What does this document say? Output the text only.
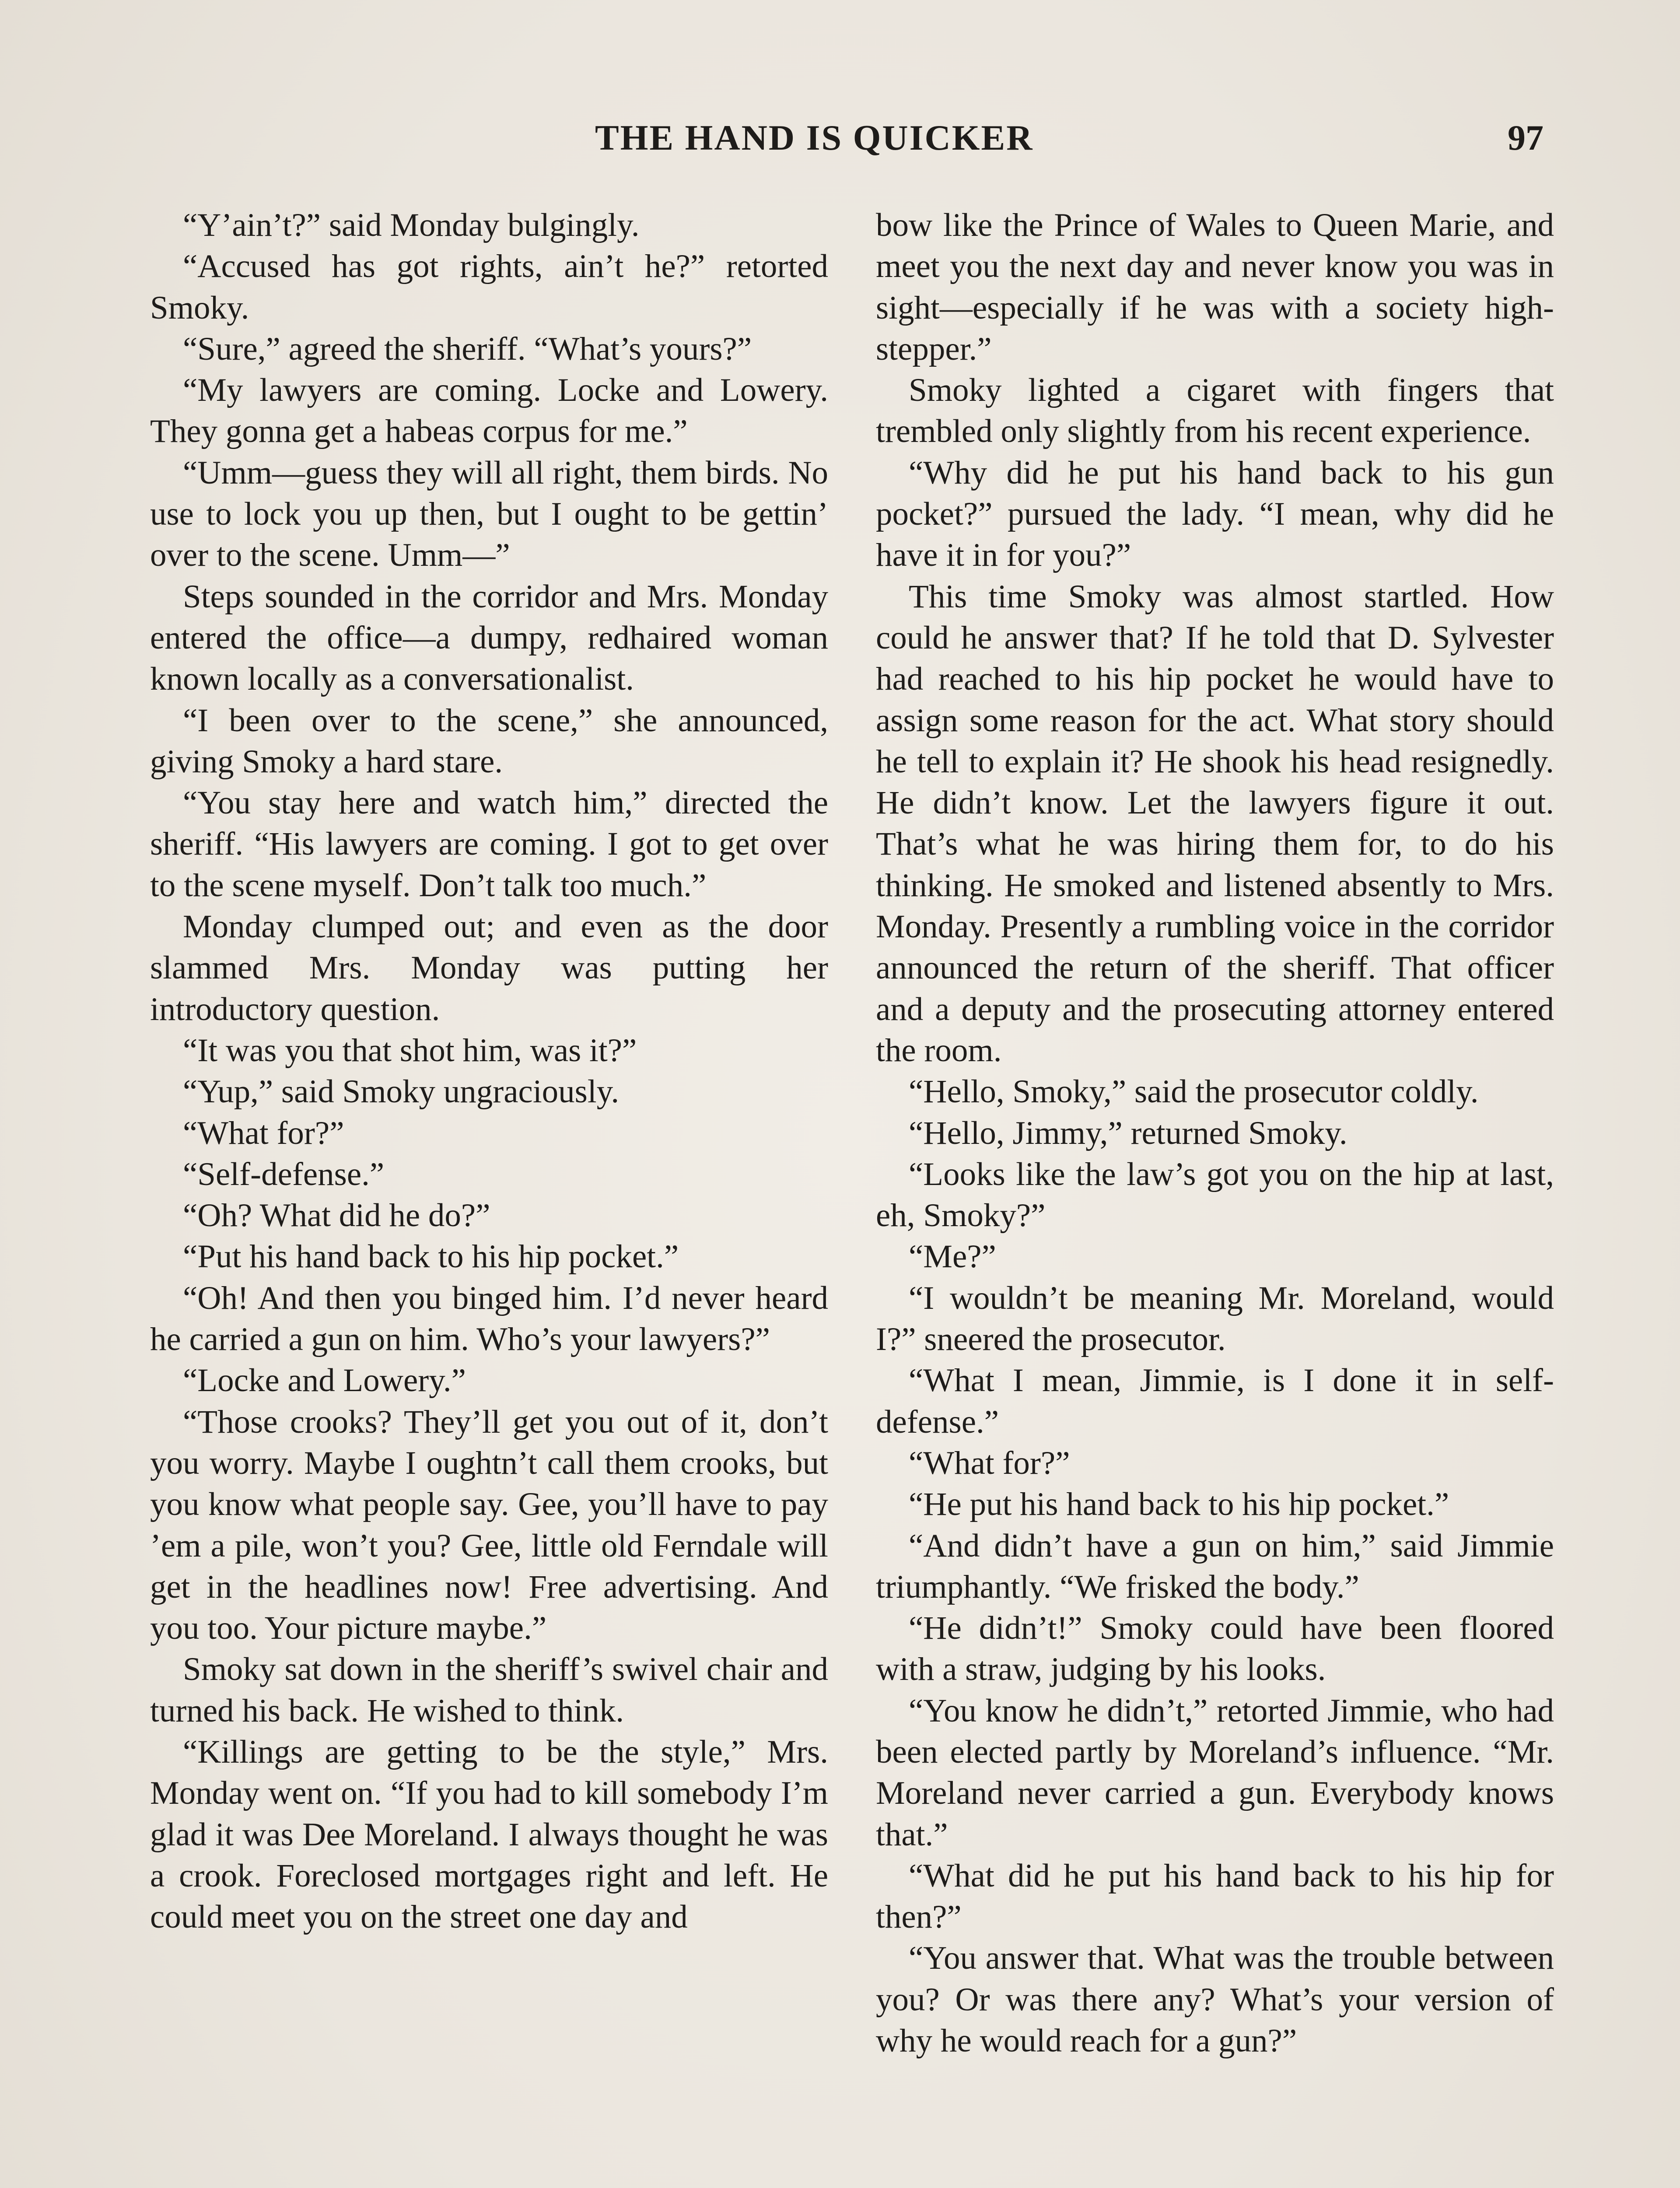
THE HAND IS QUICKER	97

“Y’ain’t?” said Monday bulgingly.

“Accused has got rights, ain’t he?” retorted Smoky.

“Sure,” agreed the sheriff. “What’s yours?”

“My lawyers are coming. Locke and Lowery. They gonna get a habeas corpus for me.”

“Umm—guess they will all right, them birds. No use to lock you up then, but I ought to be gettin’ over to the scene. Umm—”

Steps sounded in the corridor and Mrs. Monday entered the office—a dumpy, redhaired woman known locally as a conversationalist.

“I been over to the scene,” she announced, giving Smoky a hard stare.

“You stay here and watch him,” directed the sheriff. “His lawyers are coming. I got to get over to the scene myself. Don’t talk too much.”

Monday clumped out; and even as the door slammed Mrs. Monday was putting her introductory question.

“It was you that shot him, was it?”

“Yup,” said Smoky ungraciously.

“What for?”

“Self-defense.”

“Oh? What did he do?”

“Put his hand back to his hip pocket.”

“Oh! And then you binged him. I’d never heard he carried a gun on him. Who’s your lawyers?”

“Locke and Lowery.”

“Those crooks? They’ll get you out of it, don’t you worry. Maybe I oughtn’t call them crooks, but you know what people say. Gee, you’ll have to pay ’em a pile, won’t you? Gee, little old Ferndale will get in the headlines now! Free advertising. And you too. Your picture maybe.”

Smoky sat down in the sheriff’s swivel chair and turned his back. He wished to think.

“Killings are getting to be the style,” Mrs. Monday went on. “If you had to kill somebody I’m glad it was Dee Moreland. I always thought he was a crook. Foreclosed mortgages right and left. He could meet you on the street one day and

bow like the Prince of Wales to Queen Marie, and meet you the next day and never know you was in sight—especially if he was with a society high-stepper.”

Smoky lighted a cigaret with fingers that trembled only slightly from his recent experience.

“Why did he put his hand back to his gun pocket?” pursued the lady. “I mean, why did he have it in for you?”

This time Smoky was almost startled. How could he answer that? If he told that D. Sylvester had reached to his hip pocket he would have to assign some reason for the act. What story should he tell to explain it? He shook his head resignedly. He didn’t know. Let the lawyers figure it out. That’s what he was hiring them for, to do his thinking. He smoked and listened absently to Mrs. Monday. Presently a rumbling voice in the corridor announced the return of the sheriff. That officer and a deputy and the prosecuting attorney entered the room.

“Hello, Smoky,” said the prosecutor coldly.

“Hello, Jimmy,” returned Smoky.

“Looks like the law’s got you on the hip at last, eh, Smoky?”

“Me?”

“I wouldn’t be meaning Mr. Moreland, would I?” sneered the prosecutor.

“What I mean, Jimmie, is I done it in self-defense.”

“What for?”

“He put his hand back to his hip pocket.”

“And didn’t have a gun on him,” said Jimmie triumphantly. “We frisked the body.”

“He didn’t!” Smoky could have been floored with a straw, judging by his looks.

“You know he didn’t,” retorted Jimmie, who had been elected partly by Moreland’s influence. “Mr. Moreland never carried a gun. Everybody knows that.”

“What did he put his hand back to his hip for then?”

“You answer that. What was the trouble between you? Or was there any? What’s your version of why he would reach for a gun?”
